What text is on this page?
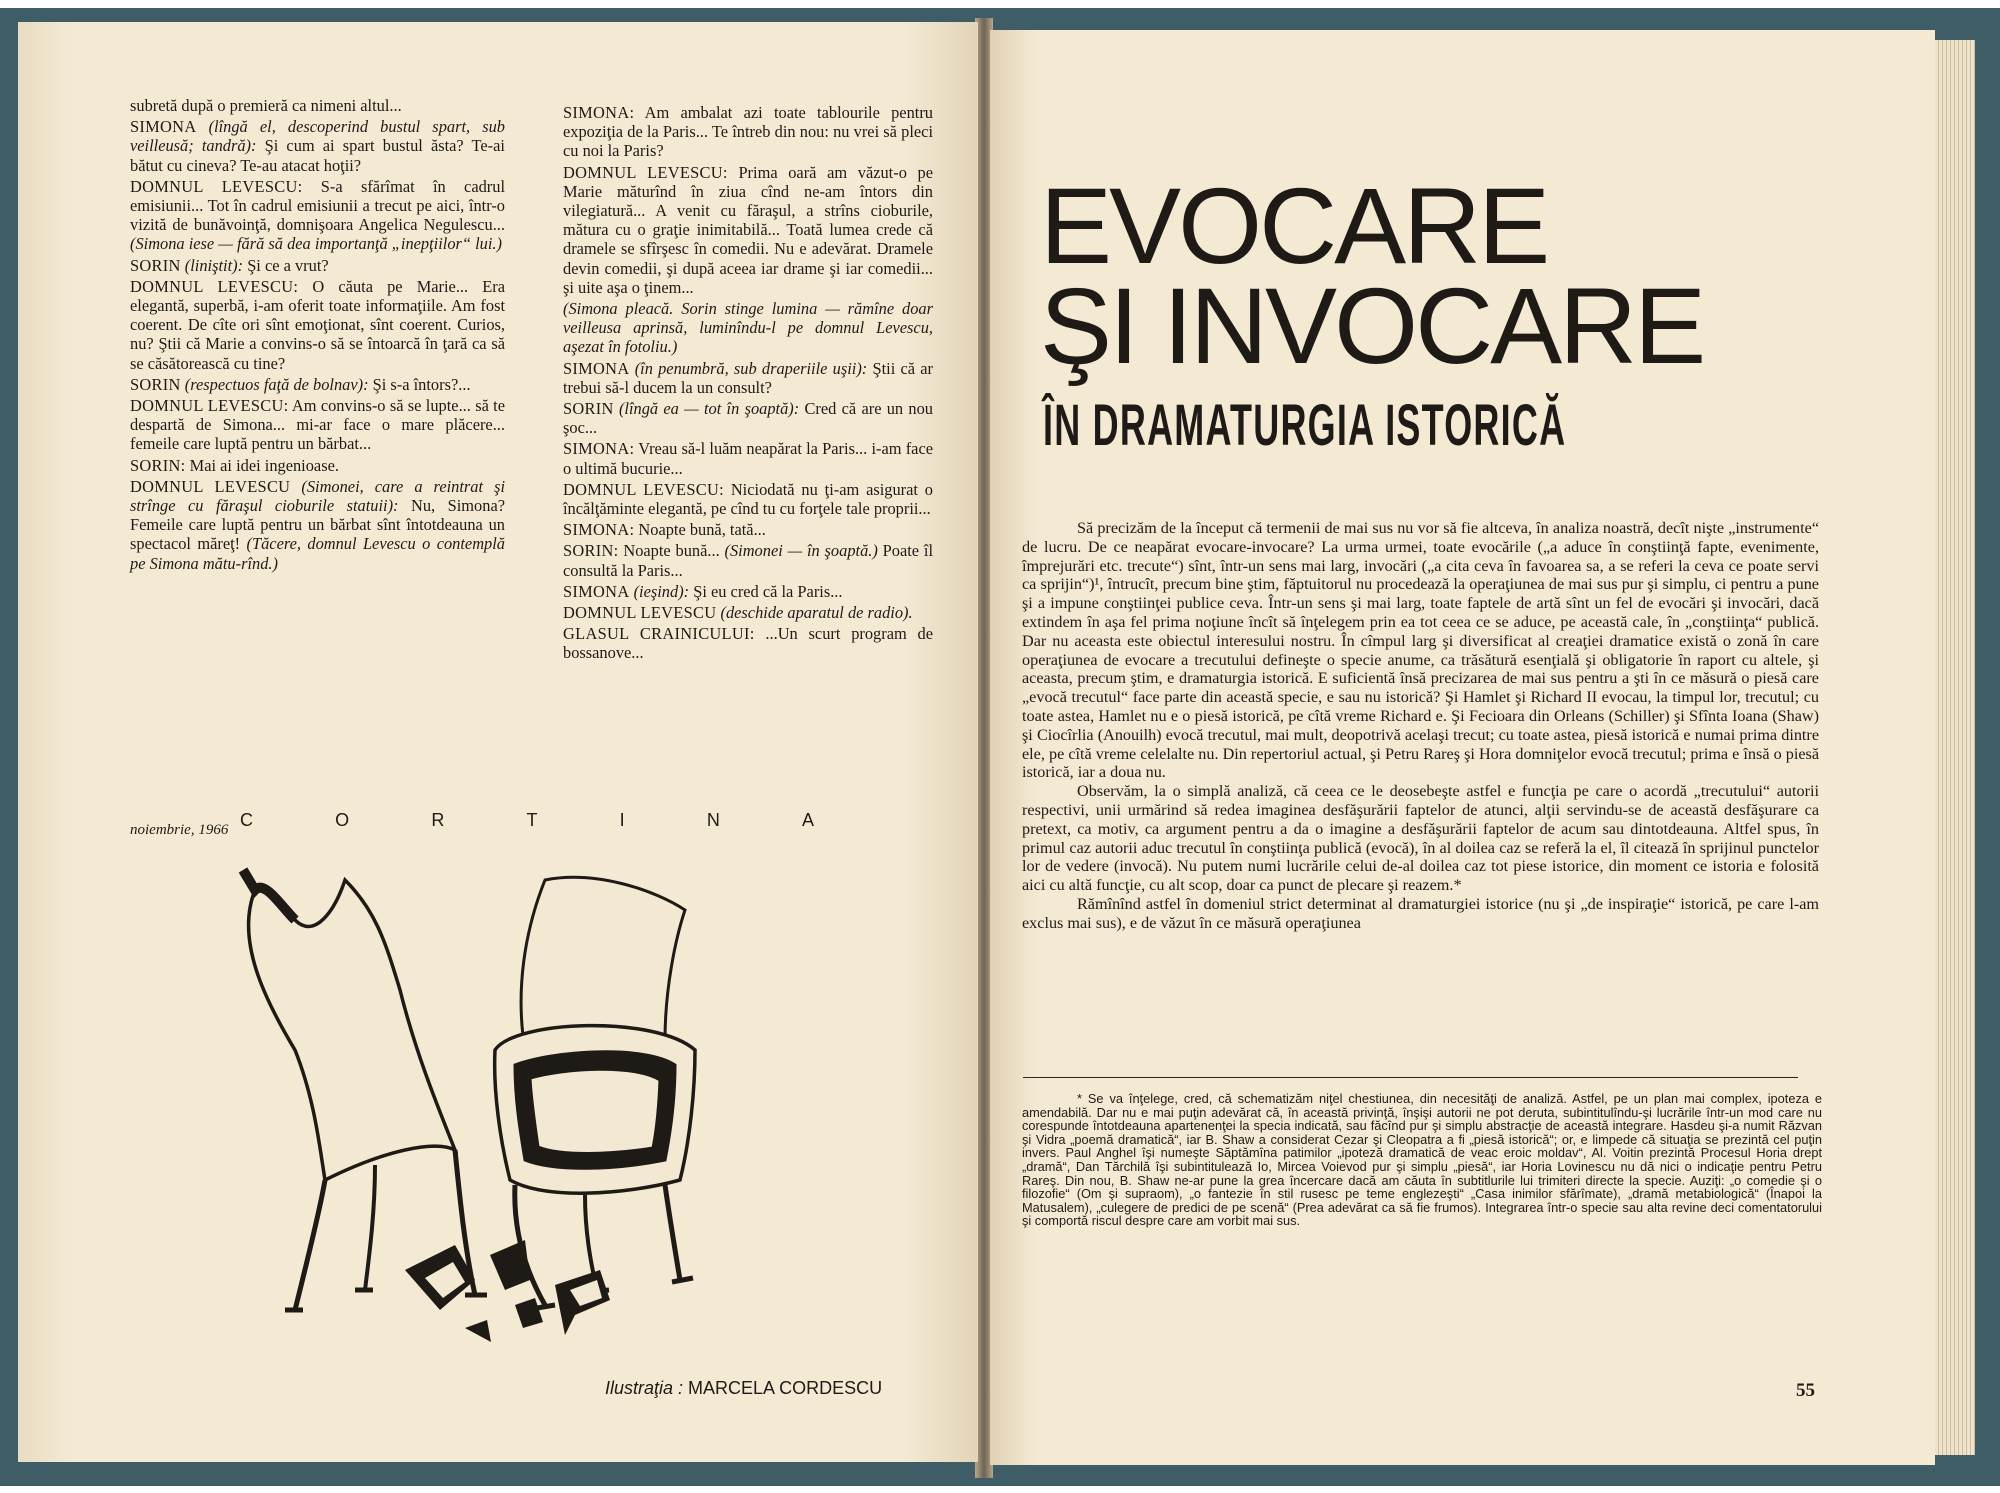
subretă după o premieră ca nimeni altul...

SIMONA (lîngă el, descoperind bustul spart, sub veilleusă; tandră): Şi cum ai spart bustul ăsta? Te-ai bătut cu cineva? Te-au atacat hoţii?

DOMNUL LEVESCU: S-a sfărîmat în cadrul emisiunii... Tot în cadrul emisiunii a trecut pe aici, într-o vizită de bunăvoinţă, domnişoara Angelica Negulescu... (Simona iese — fără să dea importanţă „inepţiilor“ lui.)

SORIN (liniştit): Şi ce a vrut?

DOMNUL LEVESCU: O căuta pe Marie... Era elegantă, superbă, i-am oferit toate informaţiile. Am fost coerent. De cîte ori sînt emoţionat, sînt coerent. Curios, nu? Ştii că Marie a convins-o să se întoarcă în ţară ca să se căsătorească cu tine?

SORIN (respectuos faţă de bolnav): Şi s-a întors?...

DOMNUL LEVESCU: Am convins-o să se lupte... să te despartă de Simona... mi-ar face o mare plăcere... femeile care luptă pentru un bărbat...

SORIN: Mai ai idei ingenioase.

DOMNUL LEVESCU (Simonei, care a reintrat şi strînge cu făraşul cioburile statuii): Nu, Simona? Femeile care luptă pentru un bărbat sînt întotdeauna un spectacol măreţ! (Tăcere, domnul Levescu o contemplă pe Simona mătu-rînd.)

SIMONA: Am ambalat azi toate tablourile pentru expoziţia de la Paris... Te întreb din nou: nu vrei să pleci cu noi la Paris?

DOMNUL LEVESCU: Prima oară am văzut-o pe Marie măturînd în ziua cînd ne-am întors din vilegiatură... A venit cu făraşul, a strîns cioburile, mătura cu o graţie inimitabilă... Toată lumea crede că dramele se sfîrşesc în comedii. Nu e adevărat. Dramele devin comedii, şi după aceea iar drame şi iar comedii... şi uite aşa o ţinem...

(Simona pleacă. Sorin stinge lumina — rămîne doar veilleusa aprinsă, luminîndu-l pe domnul Levescu, aşezat în fotoliu.)

SIMONA (în penumbră, sub draperiile uşii): Ştii că ar trebui să-l ducem la un consult?

SORIN (lîngă ea — tot în şoaptă): Cred că are un nou şoc...

SIMONA: Vreau să-l luăm neapărat la Paris... i-am face o ultimă bucurie...

DOMNUL LEVESCU: Niciodată nu ţi-am asigurat o încălţăminte elegantă, pe cînd tu cu forţele tale proprii...

SIMONA: Noapte bună, tată...

SORIN: Noapte bună... (Simonei — în şoaptă.) Poate îl consultă la Paris...

SIMONA (ieşind): Şi eu cred că la Paris...

DOMNUL LEVESCU (deschide aparatul de radio).

GLASUL CRAINICULUI: ...Un scurt program de bossanove...

C	O	R	T	I	N	A
noiembrie, 1966
Ilustraţia : MARCELA CORDESCU
EVOCARE
ŞI INVOCARE
ÎN DRAMATURGIA ISTORICĂ

Să precizăm de la început că termenii de mai sus nu vor să fie altceva, în analiza noastră, decît nişte „instrumente“ de lucru. De ce neapărat evocare-invocare? La urma urmei, toate evocările („a aduce în conştiinţă fapte, evenimente, împrejurări etc. trecute“) sînt, într-un sens mai larg, invocări („a cita ceva în favoarea sa, a se referi la ceva ce poate servi ca sprijin“)¹, întrucît, precum bine ştim, făptuitorul nu procedează la operaţiunea de mai sus pur şi simplu, ci pentru a pune şi a impune conştiinţei publice ceva. Într-un sens şi mai larg, toate faptele de artă sînt un fel de evocări şi invocări, dacă extindem în aşa fel prima noţiune încît să înţelegem prin ea tot ceea ce se aduce, pe această cale, în „conştiinţa“ publică. Dar nu aceasta este obiectul interesului nostru. În cîmpul larg şi diversificat al creaţiei dramatice există o zonă în care operaţiunea de evocare a trecutului defineşte o specie anume, ca trăsătură esenţială şi obligatorie în raport cu altele, şi aceasta, precum ştim, e dramaturgia istorică. E suficientă însă precizarea de mai sus pentru a şti în ce măsură o piesă care „evocă trecutul“ face parte din această specie, e sau nu istorică? Şi Hamlet şi Richard II evocau, la timpul lor, trecutul; cu toate astea, Hamlet nu e o piesă istorică, pe cîtă vreme Richard e. Şi Fecioara din Orleans (Schiller) şi Sfînta Ioana (Shaw) şi Ciocîrlia (Anouilh) evocă trecutul, mai mult, deopotrivă acelaşi trecut; cu toate astea, piesă istorică e numai prima dintre ele, pe cîtă vreme celelalte nu. Din repertoriul actual, şi Petru Rareş şi Hora domniţelor evocă trecutul; prima e însă o piesă istorică, iar a doua nu.

Observăm, la o simplă analiză, că ceea ce le deosebeşte astfel e funcţia pe care o acordă „trecutului“ autorii respectivi, unii urmărind să redea imaginea desfăşurării faptelor de atunci, alţii servindu-se de această desfăşurare ca pretext, ca motiv, ca argument pentru a da o imagine a desfăşurării faptelor de acum sau dintotdeauna. Altfel spus, în primul caz autorii aduc trecutul în conştiinţa publică (evocă), în al doilea caz se referă la el, îl citează în sprijinul punctelor lor de vedere (invocă). Nu putem numi lucrările celui de-al doilea caz tot piese istorice, din moment ce istoria e folosită aici cu altă funcţie, cu alt scop, doar ca punct de plecare şi reazem.*

Rămînînd astfel în domeniul strict determinat al dramaturgiei istorice (nu şi „de inspiraţie“ istorică, pe care l-am exclus mai sus), e de văzut în ce măsură operaţiunea

* Se va înţelege, cred, că schematizăm niţel chestiunea, din necesităţi de analiză. Astfel, pe un plan mai complex, ipoteza e amendabilă. Dar nu e mai puţin adevărat că, în această privinţă, înşişi autorii ne pot deruta, subintitulîndu-şi lucrările într-un mod care nu corespunde întotdeauna apartenenţei la specia indicată, sau făcînd pur şi simplu abstracţie de această integrare. Hasdeu şi-a numit Răzvan şi Vidra „poemă dramatică“, iar B. Shaw a considerat Cezar şi Cleopatra a fi „piesă istorică“; or, e limpede că situaţia se prezintă cel puţin invers. Paul Anghel îşi numeşte Săptămîna patimilor „ipoteză dramatică de veac eroic moldav“, Al. Voitin prezintă Procesul Horia drept „dramă“, Dan Tărchilă îşi subintitulează Io, Mircea Voievod pur şi simplu „piesă“, iar Horia Lovinescu nu dă nici o indicaţie pentru Petru Rareş. Din nou, B. Shaw ne-ar pune la grea încercare dacă am căuta în subtitlurile lui trimiteri directe la specie. Auziţi: „o comedie şi o filozofie“ (Om şi supraom), „o fantezie în stil rusesc pe teme englezeşti“ „Casa inimilor sfărîmate), „dramă metabiologică“ (Înapoi la Matusalem), „culegere de predici de pe scenă“ (Prea adevărat ca să fie frumos). Integrarea într-o specie sau alta revine deci comentatorului şi comportă riscul despre care am vorbit mai sus.

55
